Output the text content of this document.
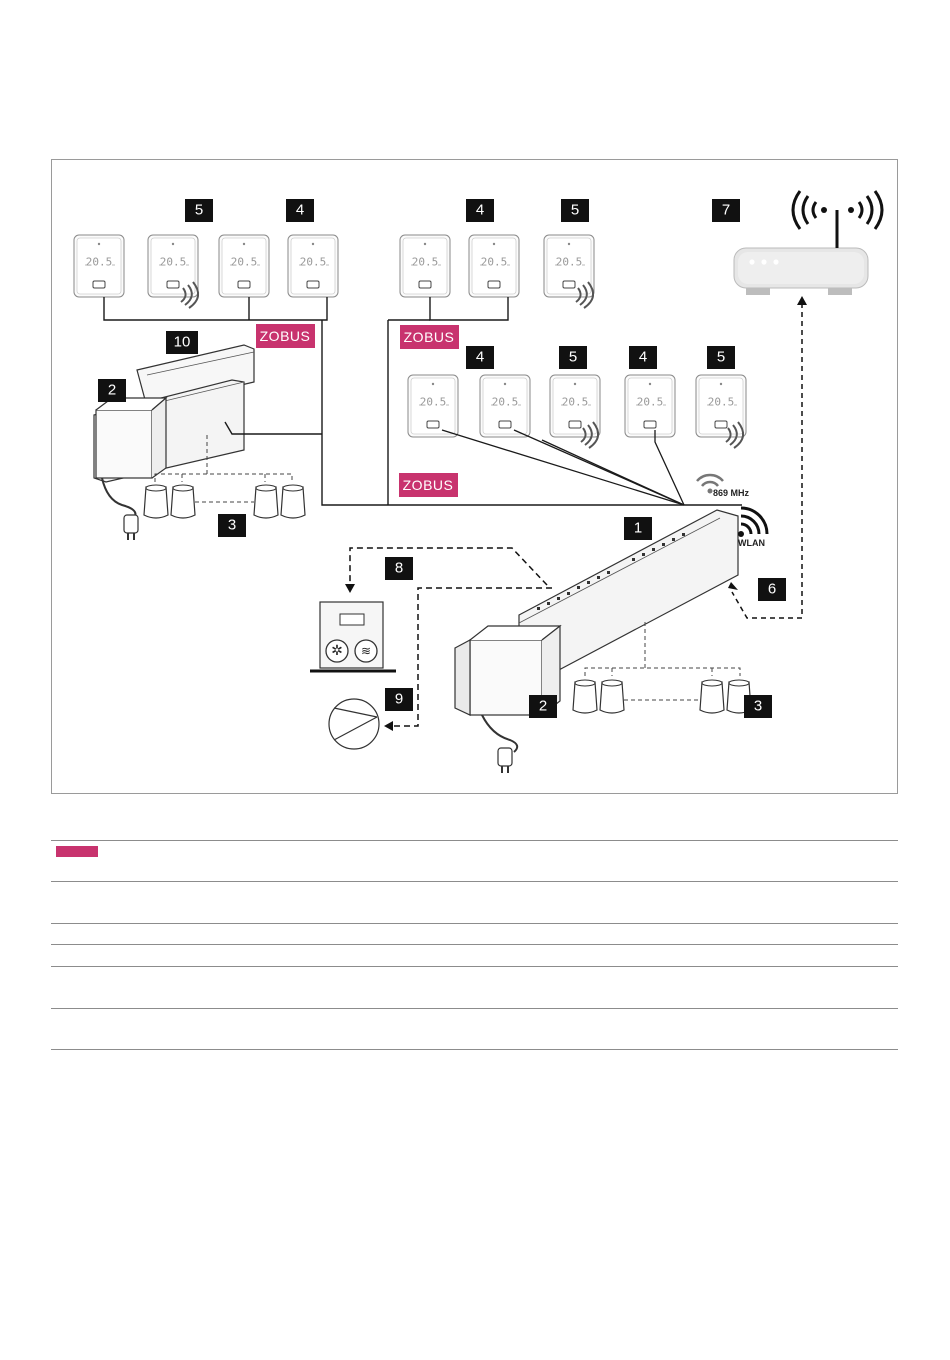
20.5	20.5	20.5	20.5	20.5	20.5	20.5
20.5	20.5	20.5	20.5	20.5
869 MHz
WLAN
✲ ≋
ZOBUS	ZOBUS
ZOBUS
1
2
2
3
3
4	4
4	4
5	5
5	5
6
7
8
9
10
